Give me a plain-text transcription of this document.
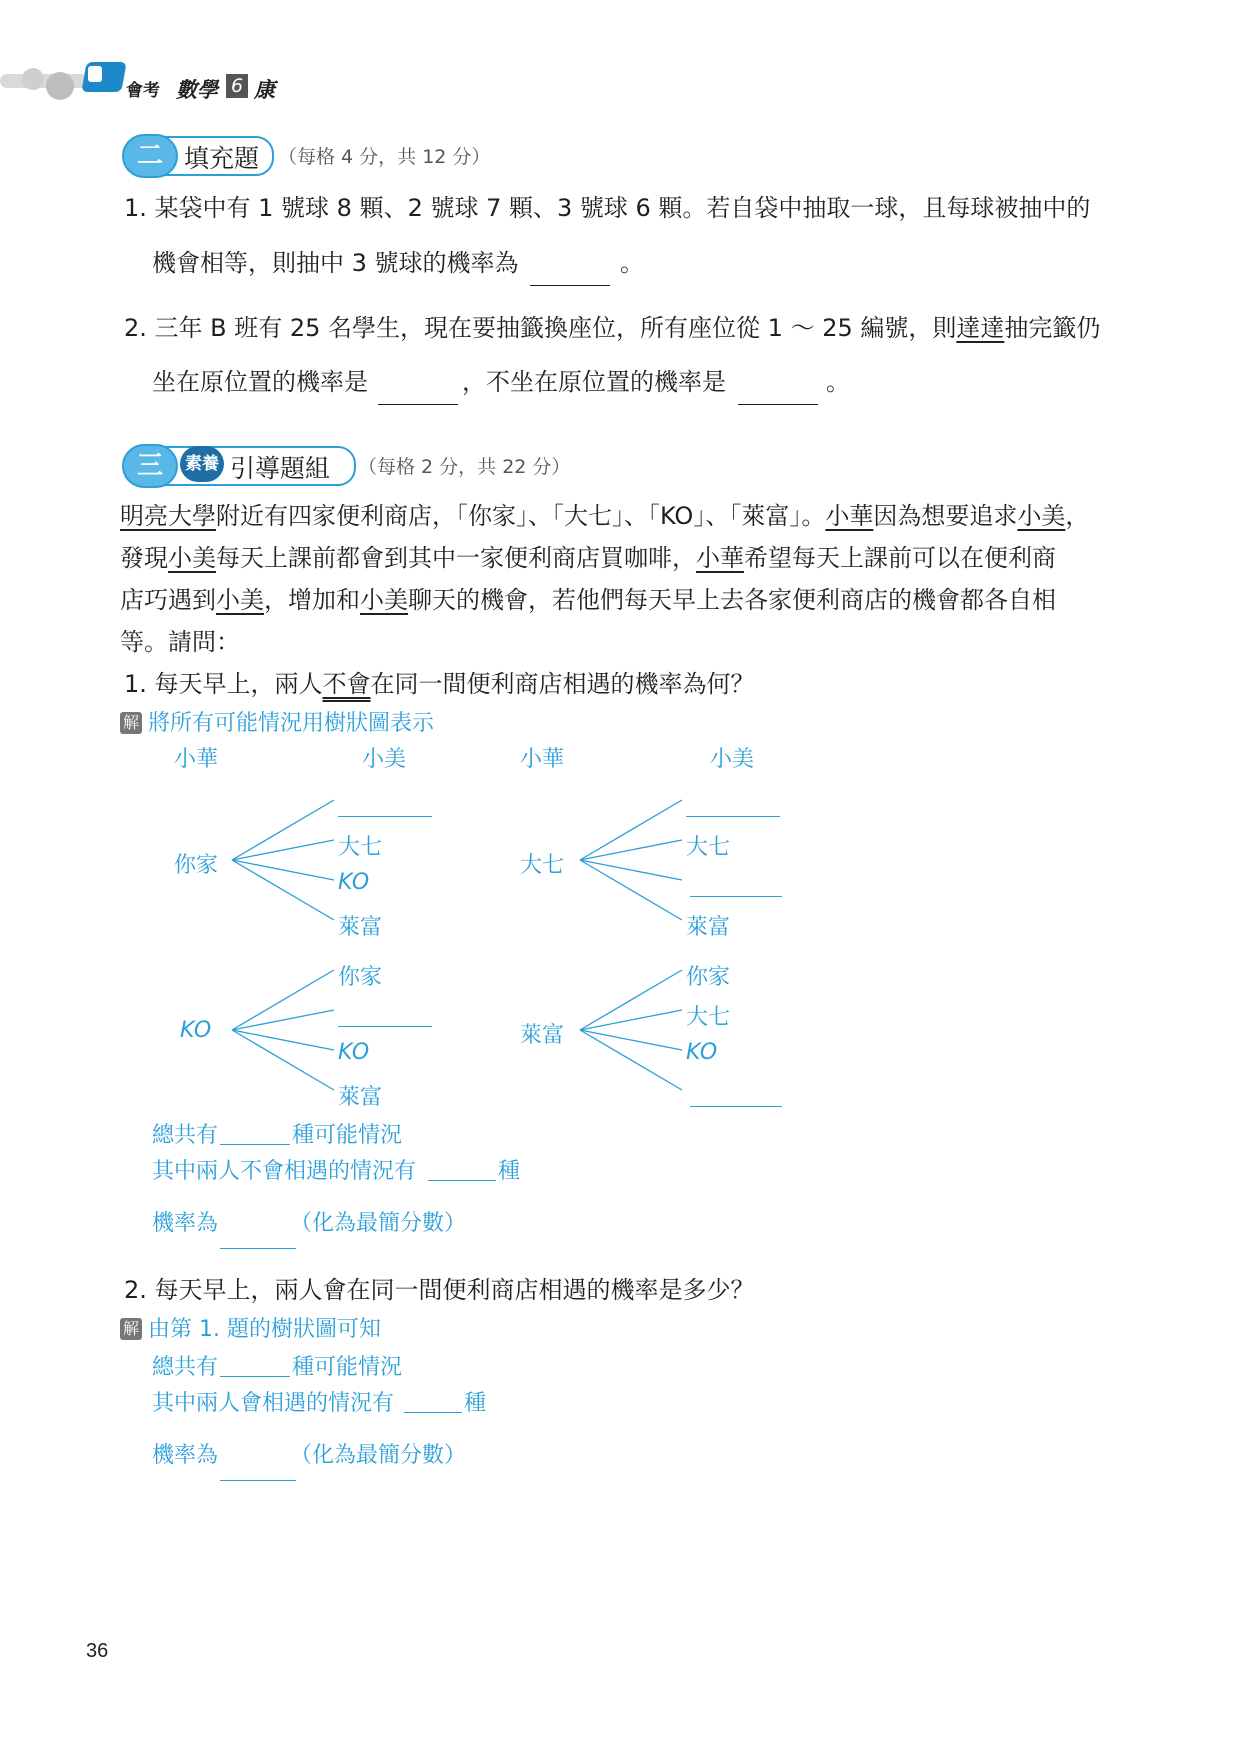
會考 數學 6 康
二 填充題 （每格 4 分，共 12 分）
1. 某袋中有 1 號球 8 顆、2 號球 7 顆、3 號球 6 顆。若自袋中抽取一球，且每球被抽中的
機會相等，則抽中 3 號球的機率為	。
2. 三年 B 班有 25 名學生，現在要抽籤換座位，所有座位從 1 ～ 25 編號，則達達抽完籤仍
坐在原位置的機率是	，不坐在原位置的機率是	。
三	素養 引導題組 （每格 2 分，共 22 分）
明亮大學附近有四家便利商店，「你家」、「大七」、「KO」、「萊富」。小華因為想要追求小美，
發現小美每天上課前都會到其中一家便利商店買咖啡，小華希望每天上課前可以在便利商
店巧遇到小美，增加和小美聊天的機會，若他們每天早上去各家便利商店的機會都各自相
等。請問：
1. 每天早上，兩人不會在同一間便利商店相遇的機率為何？
解 將所有可能情況用樹狀圖表示
小華	小美	小華	小美
你家
大七
KO
萊富
大七
大七
萊富
KO
你家
KO
萊富
萊富
你家
大七
KO
總共有	種可能情況
其中兩人不會相遇的情況有	種
機率為	（化為最簡分數）
2. 每天早上，兩人會在同一間便利商店相遇的機率是多少？
解 由第 1. 題的樹狀圖可知
總共有	種可能情況
其中兩人會相遇的情況有	種
機率為	（化為最簡分數）
36
